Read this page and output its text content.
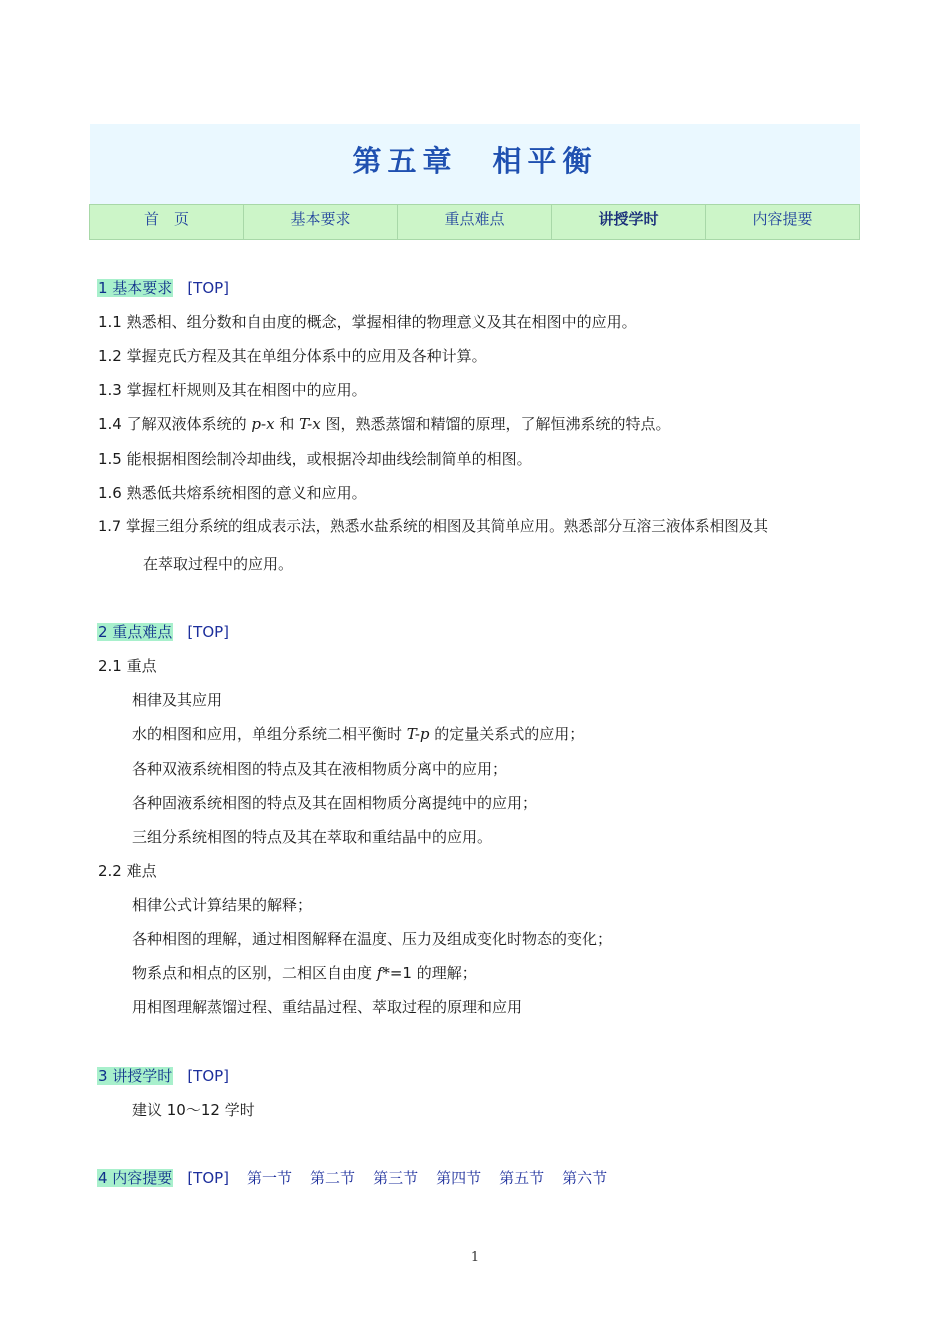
第五章　相平衡
首　页	基本要求	重点难点	讲授学时	内容提要
1 基本要求 [TOP]
1.1 熟悉相、组分数和自由度的概念，掌握相律的物理意义及其在相图中的应用。
1.2 掌握克氏方程及其在单组分体系中的应用及各种计算。
1.3 掌握杠杆规则及其在相图中的应用。
1.4 了解双液体系统的 p-x 和 T-x 图，熟悉蒸馏和精馏的原理，了解恒沸系统的特点。
1.5 能根据相图绘制冷却曲线，或根据冷却曲线绘制简单的相图。
1.6 熟悉低共熔系统相图的意义和应用。
1.7 掌握三组分系统的组成表示法，熟悉水盐系统的相图及其简单应用。熟悉部分互溶三液体系相图及其
在萃取过程中的应用。
2 重点难点 [TOP]
2.1 重点
相律及其应用
水的相图和应用，单组分系统二相平衡时 T-p 的定量关系式的应用；
各种双液系统相图的特点及其在液相物质分离中的应用；
各种固液系统相图的特点及其在固相物质分离提纯中的应用；
三组分系统相图的特点及其在萃取和重结晶中的应用。
2.2 难点
相律公式计算结果的解释；
各种相图的理解，通过相图解释在温度、压力及组成变化时物态的变化；
物系点和相点的区别，二相区自由度 f*=1 的理解；
用相图理解蒸馏过程、重结晶过程、萃取过程的原理和应用
3 讲授学时 [TOP]
建议 10～12 学时
4 内容提要 [TOP] 第一节 第二节 第三节 第四节 第五节 第六节
1
